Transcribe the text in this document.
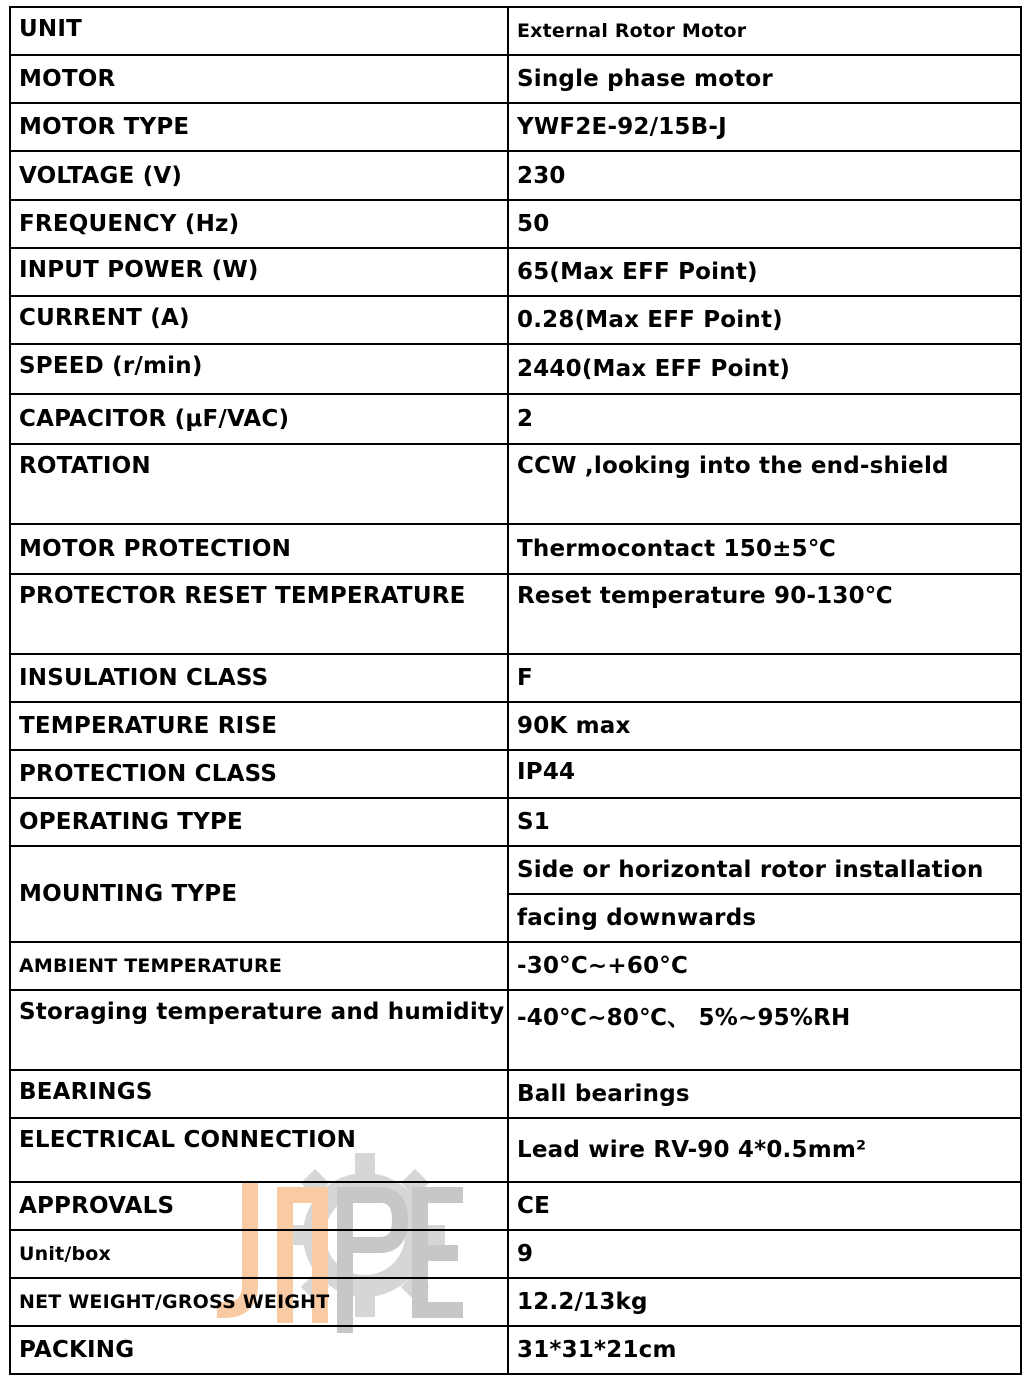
UNIT	External Rotor Motor
MOTOR	Single phase motor
MOTOR TYPE	YWF2E-92/15B-J
VOLTAGE (V)	230
FREQUENCY (Hz)	50
INPUT POWER (W)	65(Max EFF Point)
CURRENT (A)	0.28(Max EFF Point)
SPEED (r/min)	2440(Max EFF Point)
CAPACITOR (μF/VAC)	2
ROTATION	CCW ,looking into the end-shield
MOTOR PROTECTION	Thermocontact 150±5℃
PROTECTOR RESET TEMPERATURE	Reset temperature 90-130℃
INSULATION CLASS	F
TEMPERATURE RISE	90K max
PROTECTION CLASS	IP44
OPERATING TYPE	S1
MOUNTING TYPE	Side or horizontal rotor installation
	facing downwards
AMBIENT TEMPERATURE	-30°C~+60°C
Storaging temperature and humidity	-40℃~80℃、 5%~95%RH
BEARINGS	Ball bearings
ELECTRICAL CONNECTION	Lead wire RV-90 4*0.5mm²
APPROVALS	CE
Unit/box	9
NET WEIGHT/GROSS WEIGHT	12.2/13kg
PACKING	31*31*21cm
